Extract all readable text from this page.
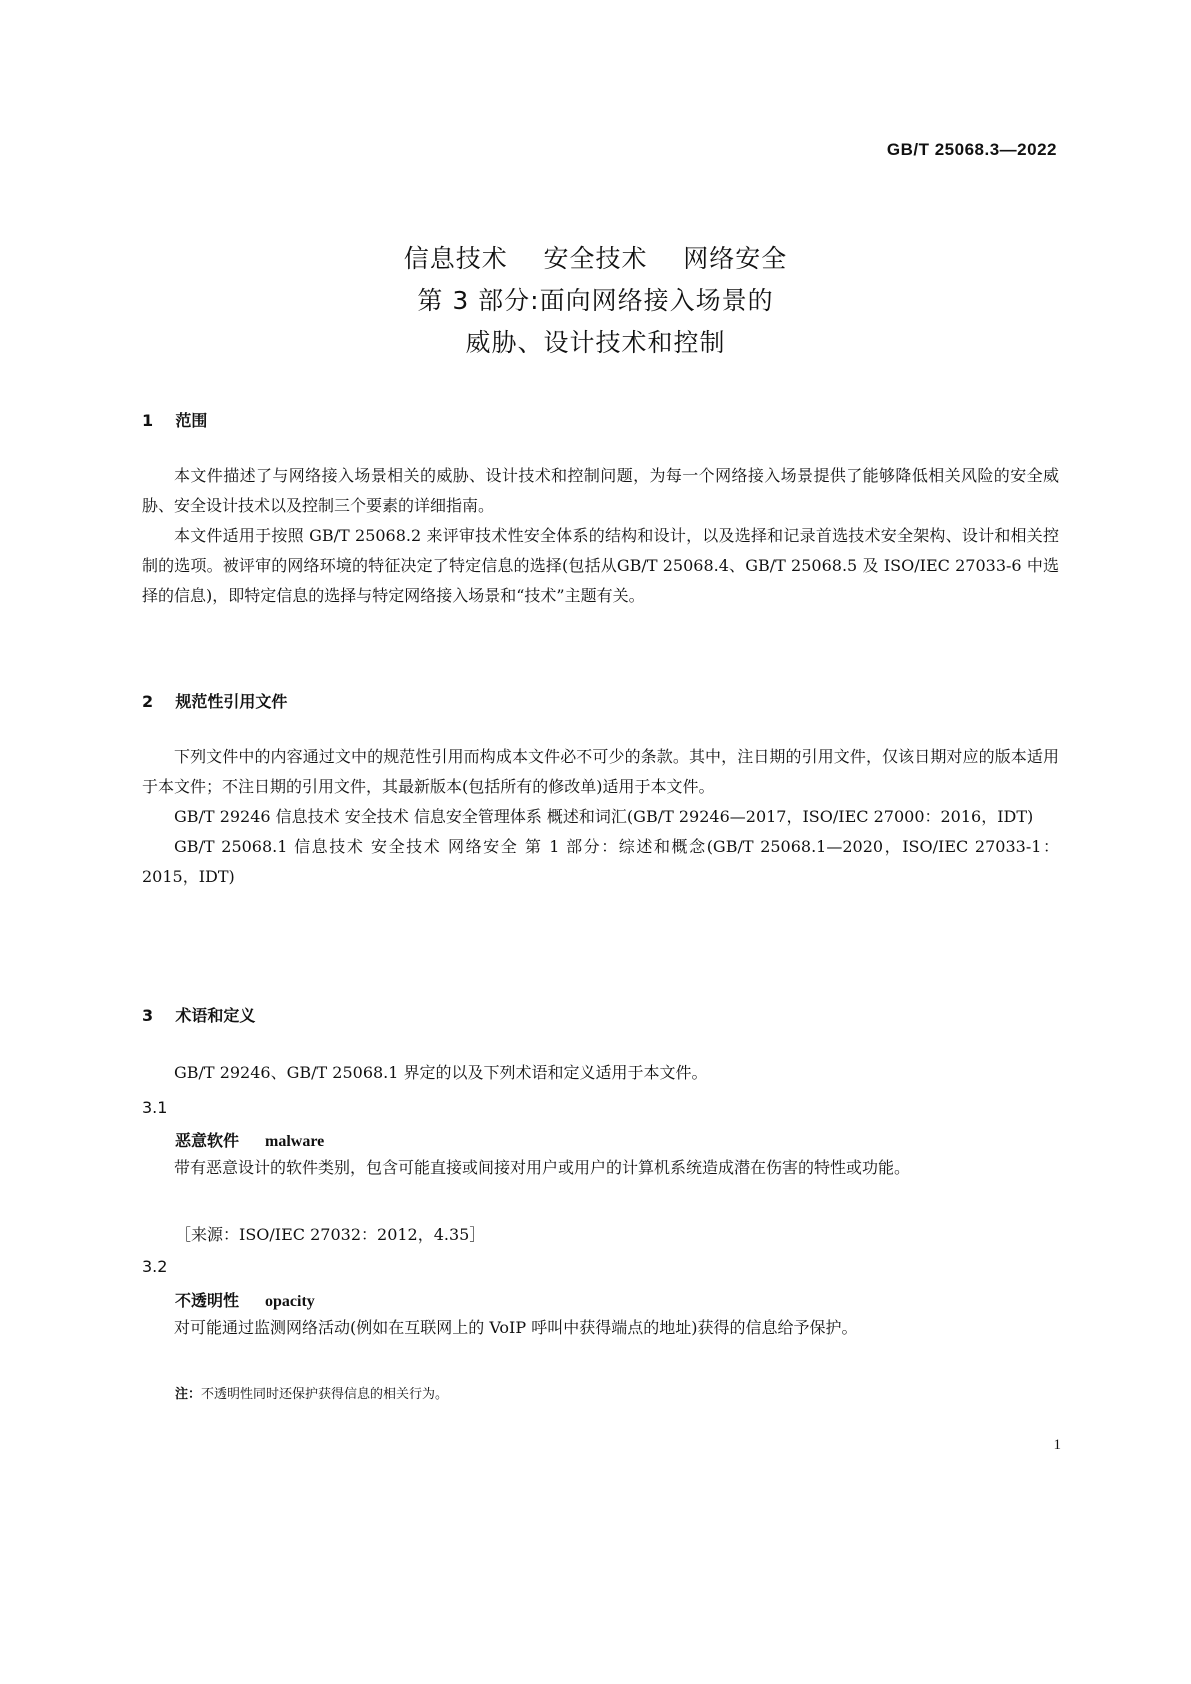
GB/T 25068.3—2022
信息技术    安全技术    网络安全
第 3 部分:面向网络接入场景的
威胁、设计技术和控制
1    范围
本文件描述了与网络接入场景相关的威胁、设计技术和控制问题，为每一个网络接入场景提供了能够降低相关风险的安全威胁、安全设计技术以及控制三个要素的详细指南。
本文件适用于按照 GB/T 25068.2 来评审技术性安全体系的结构和设计，以及选择和记录首选技术安全架构、设计和相关控制的选项。被评审的网络环境的特征决定了特定信息的选择(包括从GB/T 25068.4、GB/T 25068.5 及 ISO/IEC 27033-6 中选择的信息)，即特定信息的选择与特定网络接入场景和“技术”主题有关。
2    规范性引用文件
下列文件中的内容通过文中的规范性引用而构成本文件必不可少的条款。其中，注日期的引用文件，仅该日期对应的版本适用于本文件；不注日期的引用文件，其最新版本(包括所有的修改单)适用于本文件。
GB/T 29246 信息技术 安全技术 信息安全管理体系 概述和词汇(GB/T 29246—2017，ISO/IEC 27000：2016，IDT)
GB/T 25068.1 信息技术 安全技术 网络安全 第 1 部分：综述和概念(GB/T 25068.1—2020，ISO/IEC 27033-1：2015，IDT)
3    术语和定义
GB/T 29246、GB/T 25068.1 界定的以及下列术语和定义适用于本文件。
3.1
恶意软件 malware
带有恶意设计的软件类别，包含可能直接或间接对用户或用户的计算机系统造成潜在伤害的特性或功能。
［来源：ISO/IEC 27032：2012，4.35］
3.2
不透明性 opacity
对可能通过监测网络活动(例如在互联网上的 VoIP 呼叫中获得端点的地址)获得的信息给予保护。
注：不透明性同时还保护获得信息的相关行为。
1
